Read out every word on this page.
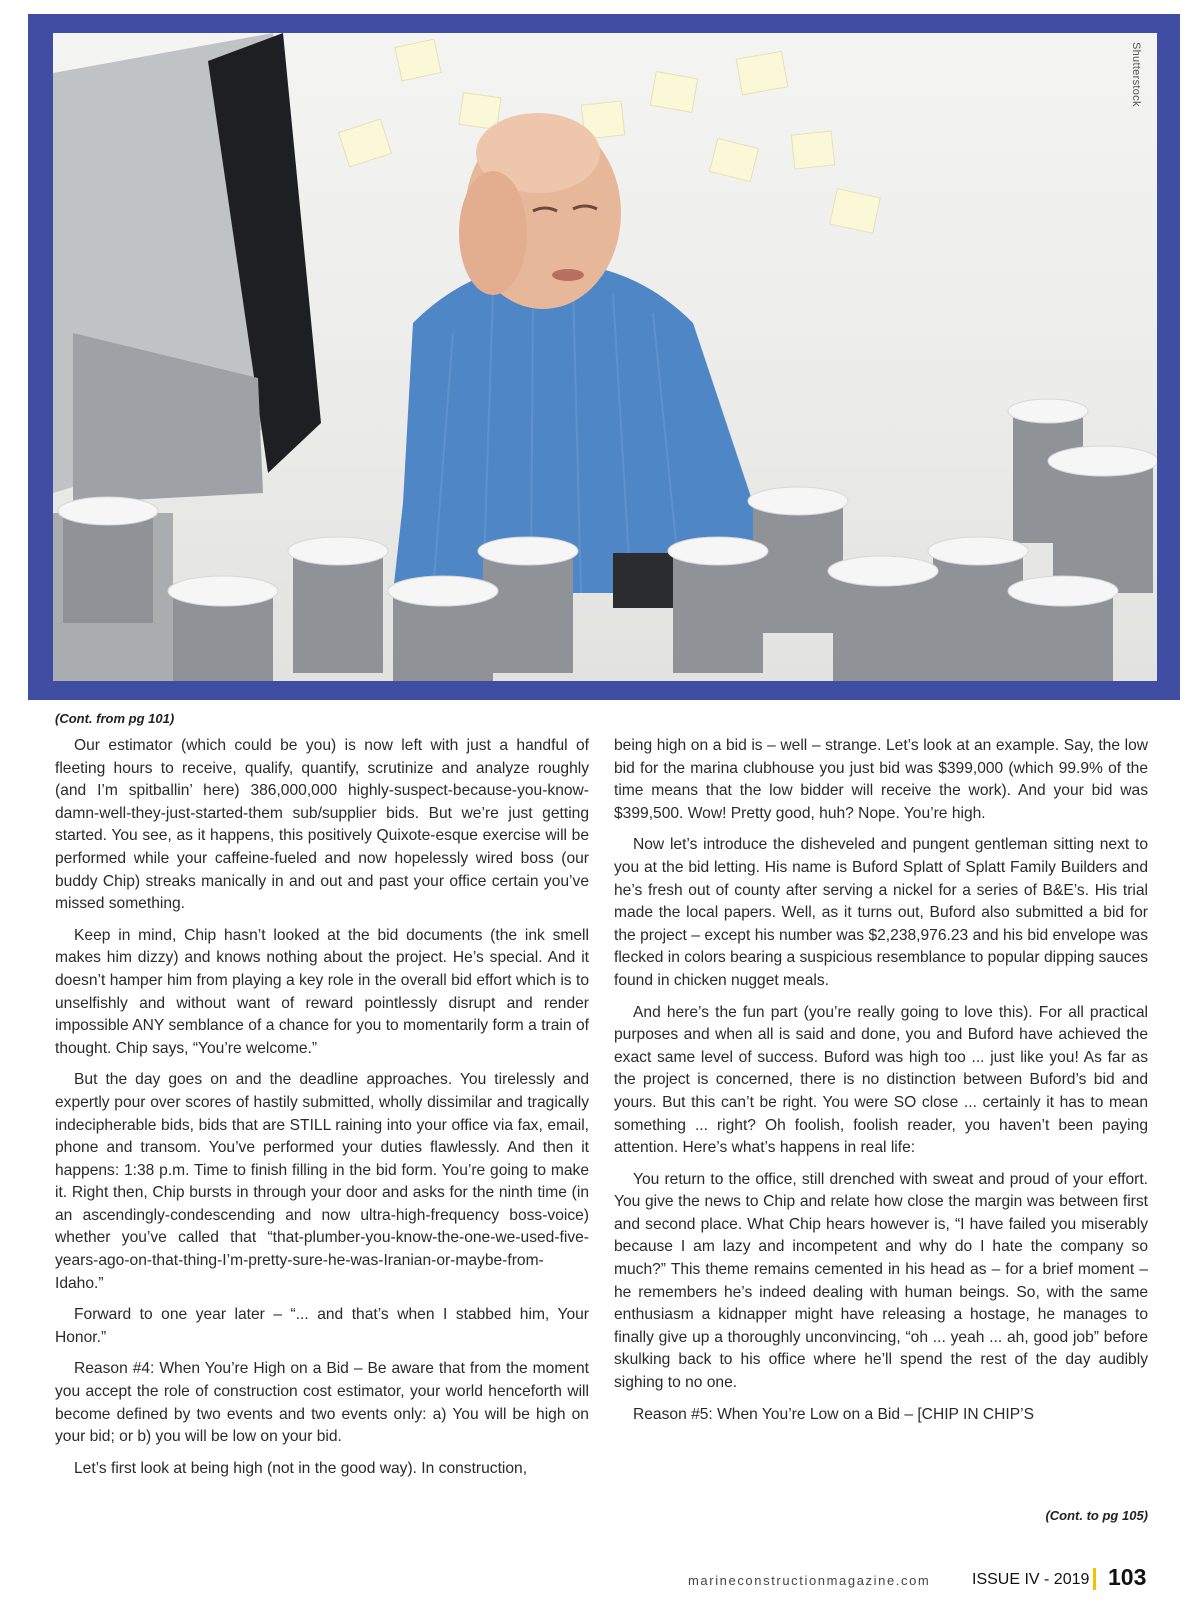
Shutterstock
(Cont. from pg 101)

Our estimator (which could be you) is now left with just a handful of fleeting hours to receive, qualify, quantify, scrutinize and analyze roughly (and I’m spitballin’ here) 386,000,000 highly-suspect-because-you-know-damn-well-they-just-started-them sub/supplier bids. But we’re just getting started. You see, as it happens, this positively Quixote-esque exercise will be performed while your caffeine-fueled and now hopelessly wired boss (our buddy Chip) streaks manically in and out and past your office certain you’ve missed something.

Keep in mind, Chip hasn’t looked at the bid documents (the ink smell makes him dizzy) and knows nothing about the project. He’s special. And it doesn’t hamper him from playing a key role in the overall bid effort which is to unselfishly and without want of reward pointlessly disrupt and render impossible ANY semblance of a chance for you to momentarily form a train of thought. Chip says, “You’re welcome.”

But the day goes on and the deadline approaches. You tirelessly and expertly pour over scores of hastily submitted, wholly dissimilar and tragically indecipherable bids, bids that are STILL raining into your office via fax, email, phone and transom. You’ve performed your duties flawlessly. And then it happens: 1:38 p.m. Time to finish filling in the bid form. You’re going to make it. Right then, Chip bursts in through your door and asks for the ninth time (in an ascendingly-condescending and now ultra-high-frequency boss-voice) whether you’ve called that “that-plumber-you-know-the-one-we-used-five-years-ago-on-that-thing-I’m-pretty-sure-he-was-Iranian-or-maybe-from-Idaho.”

Forward to one year later – “... and that’s when I stabbed him, Your Honor.”

Reason #4: When You’re High on a Bid – Be aware that from the moment you accept the role of construction cost estimator, your world henceforth will become defined by two events and two events only: a) You will be high on your bid; or b) you will be low on your bid.

Let’s first look at being high (not in the good way). In construction,

being high on a bid is – well – strange. Let’s look at an example. Say, the low bid for the marina clubhouse you just bid was $399,000 (which 99.9% of the time means that the low bidder will receive the work). And your bid was $399,500. Wow! Pretty good, huh? Nope. You’re high.

Now let’s introduce the disheveled and pungent gentleman sitting next to you at the bid letting. His name is Buford Splatt of Splatt Family Builders and he’s fresh out of county after serving a nickel for a series of B&E’s. His trial made the local papers. Well, as it turns out, Buford also submitted a bid for the project – except his number was $2,238,976.23 and his bid envelope was flecked in colors bearing a suspicious resemblance to popular dipping sauces found in chicken nugget meals.

And here’s the fun part (you’re really going to love this). For all practical purposes and when all is said and done, you and Buford have achieved the exact same level of success. Buford was high too ... just like you! As far as the project is concerned, there is no distinction between Buford’s bid and yours. But this can’t be right. You were SO close ... certainly it has to mean something ... right? Oh foolish, foolish reader, you haven’t been paying attention. Here’s what’s happens in real life:

You return to the office, still drenched with sweat and proud of your effort. You give the news to Chip and relate how close the margin was between first and second place. What Chip hears however is, “I have failed you miserably because I am lazy and incompetent and why do I hate the company so much?” This theme remains cemented in his head as – for a brief moment – he remembers he’s indeed dealing with human beings. So, with the same enthusiasm a kidnapper might have releasing a hostage, he manages to finally give up a thoroughly unconvincing, “oh ... yeah ... ah, good job” before skulking back to his office where he’ll spend the rest of the day audibly sighing to no one.

Reason #5: When You’re Low on a Bid – [CHIP IN CHIP’S

(Cont. to pg 105)
marineconstructionmagazine.com	ISSUE IV - 2019 103
